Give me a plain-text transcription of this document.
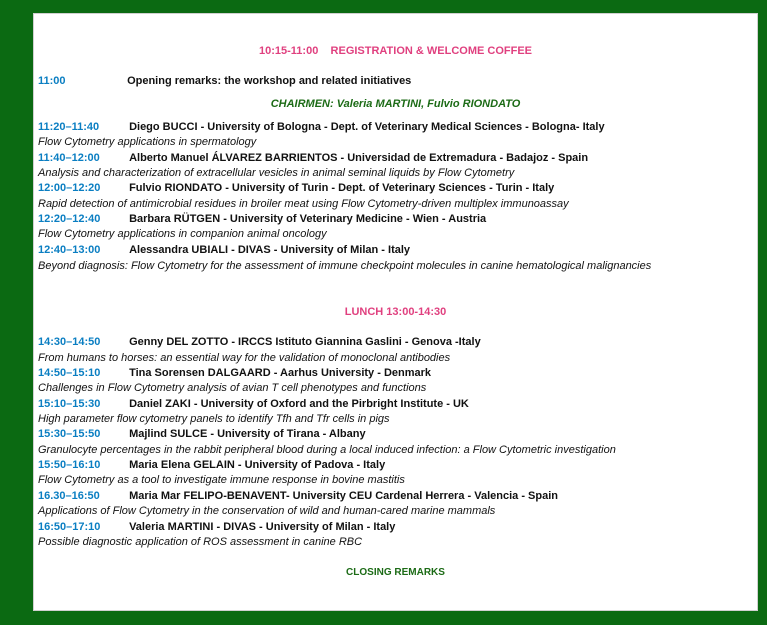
10:15-11:00    REGISTRATION & WELCOME COFFEE
11:00	Opening remarks: the workshop and related initiatives
CHAIRMEN: Valeria MARTINI, Fulvio RIONDATO
11:20–11:40	Diego BUCCI - University of Bologna - Dept. of Veterinary Medical Sciences - Bologna- Italy
Flow Cytometry applications in spermatology
11:40–12:00	Alberto Manuel ÁLVAREZ BARRIENTOS - Universidad de Extremadura - Badajoz - Spain
Analysis and characterization of extracellular vesicles in animal seminal liquids by Flow Cytometry
12:00–12:20	Fulvio RIONDATO - University of Turin - Dept. of Veterinary Sciences - Turin - Italy
Rapid detection of antimicrobial residues in broiler meat using Flow Cytometry-driven multiplex immunoassay
12:20–12:40	Barbara RÜTGEN - University of Veterinary Medicine - Wien - Austria
Flow Cytometry applications in companion animal oncology
12:40–13:00	Alessandra UBIALI - DIVAS - University of Milan - Italy
Beyond diagnosis: Flow Cytometry for the assessment of immune checkpoint molecules in canine hematological malignancies
LUNCH 13:00-14:30
14:30–14:50	Genny DEL ZOTTO - IRCCS Istituto Giannina Gaslini - Genova -Italy
From humans to horses: an essential way for the validation of monoclonal antibodies
14:50–15:10	Tina Sorensen DALGAARD - Aarhus University - Denmark
Challenges in Flow Cytometry analysis of avian T cell phenotypes and functions
15:10–15:30	Daniel ZAKI - University of Oxford and the Pirbright Institute - UK
High parameter flow cytometry panels to identify Tfh and Tfr cells in pigs
15:30–15:50	Majlind SULCE - University of Tirana - Albany
Granulocyte percentages in the rabbit peripheral blood during a local induced infection: a Flow Cytometric investigation
15:50–16:10	Maria Elena GELAIN - University of Padova - Italy
Flow Cytometry as a tool to investigate immune response in bovine mastitis
16.30–16:50	Maria Mar FELIPO-BENAVENT- University CEU Cardenal Herrera - Valencia - Spain
Applications of Flow Cytometry in the conservation of wild and human-cared marine mammals
16:50–17:10	Valeria MARTINI - DIVAS - University of Milan - Italy
Possible diagnostic application of ROS assessment in canine RBC
CLOSING REMARKS
